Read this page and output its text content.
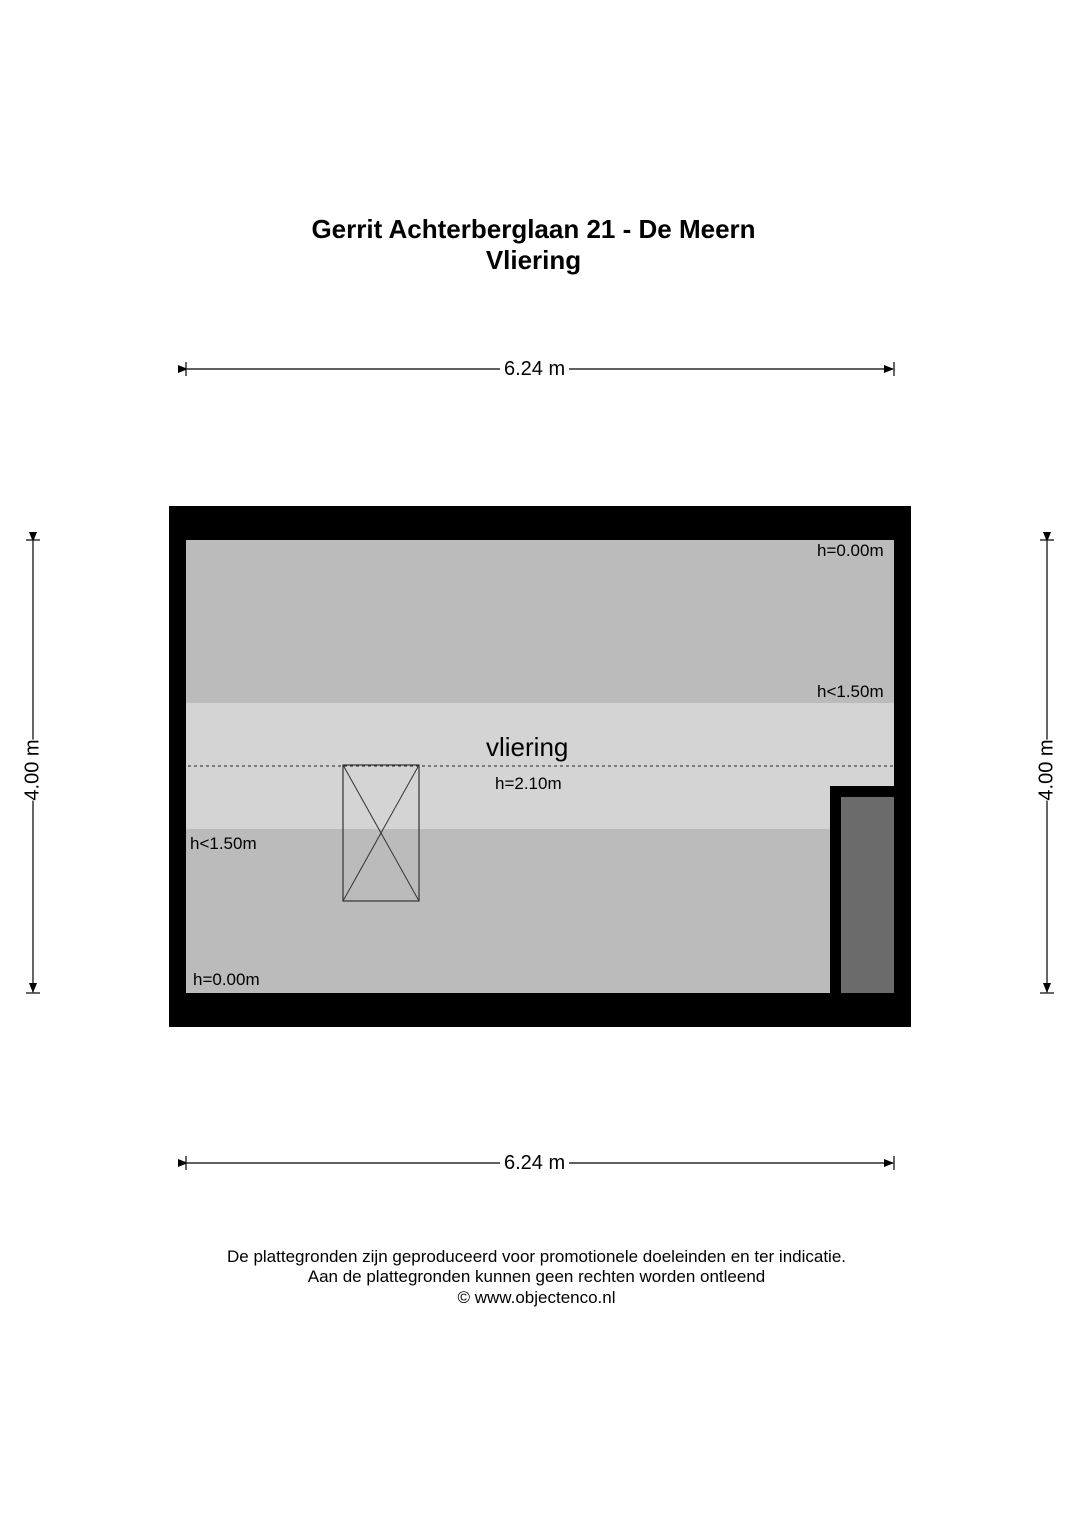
Gerrit Achterberglaan 21 - De Meern
Vliering
6.24 m
6.24 m
4.00 m	4.00 m
vliering
h=2.10m
h=0.00m
h<1.50m
h<1.50m
h=0.00m
De plattegronden zijn geproduceerd voor promotionele doeleinden en ter indicatie.
Aan de plattegronden kunnen geen rechten worden ontleend
© www.objectenco.nl
